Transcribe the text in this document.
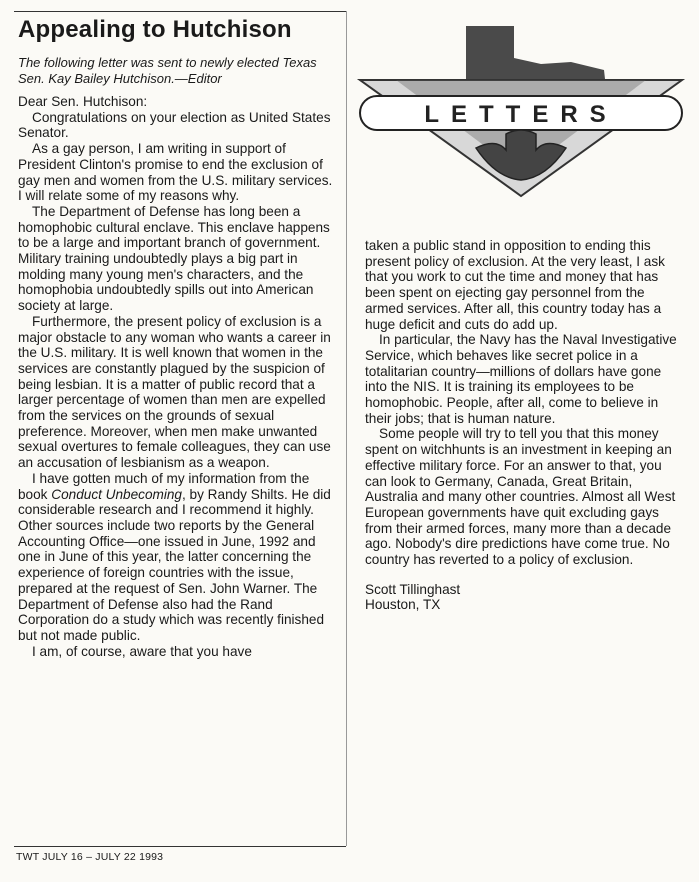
Appealing to Hutchison
The following letter was sent to newly elected Texas Sen. Kay Bailey Hutchison.—Editor
LETTERS

Dear Sen. Hutchison:

Congratulations on your election as United States Senator.

As a gay person, I am writing in support of President Clinton's promise to end the exclusion of gay men and women from the U.S. military services. I will relate some of my reasons why.

The Department of Defense has long been a homophobic cultural enclave. This enclave happens to be a large and important branch of government. Military training undoubtedly plays a big part in molding many young men's characters, and the homophobia undoubtedly spills out into American society at large.

Furthermore, the present policy of exclusion is a major obstacle to any woman who wants a career in the U.S. military. It is well known that women in the services are constantly plagued by the suspicion of being lesbian. It is a matter of public record that a larger percentage of women than men are expelled from the services on the grounds of sexual preference. Moreover, when men make unwanted sexual overtures to female colleagues, they can use an accusation of lesbianism as a weapon.

I have gotten much of my information from the book Conduct Unbecoming, by Randy Shilts. He did considerable research and I recommend it highly. Other sources include two reports by the General Accounting Office—one issued in June, 1992 and one in June of this year, the latter concerning the experience of foreign countries with the issue, prepared at the request of Sen. John Warner. The Department of Defense also had the Rand Corporation do a study which was recently finished but not made public.

I am, of course, aware that you have

taken a public stand in opposition to ending this present policy of exclusion. At the very least, I ask that you work to cut the time and money that has been spent on ejecting gay personnel from the armed services. After all, this country today has a huge deficit and cuts do add up.

In particular, the Navy has the Naval Investigative Service, which behaves like secret police in a totalitarian country—millions of dollars have gone into the NIS. It is training its employees to be homophobic. People, after all, come to believe in their jobs; that is human nature.

Some people will try to tell you that this money spent on witchhunts is an investment in keeping an effective military force. For an answer to that, you can look to Germany, Canada, Great Britain, Australia and many other countries. Almost all West European governments have quit excluding gays from their armed forces, many more than a decade ago. Nobody's dire predictions have come true. No country has reverted to a policy of exclusion.

Scott Tillinghast

Houston, TX

TWT JULY 16 – JULY 22 1993
